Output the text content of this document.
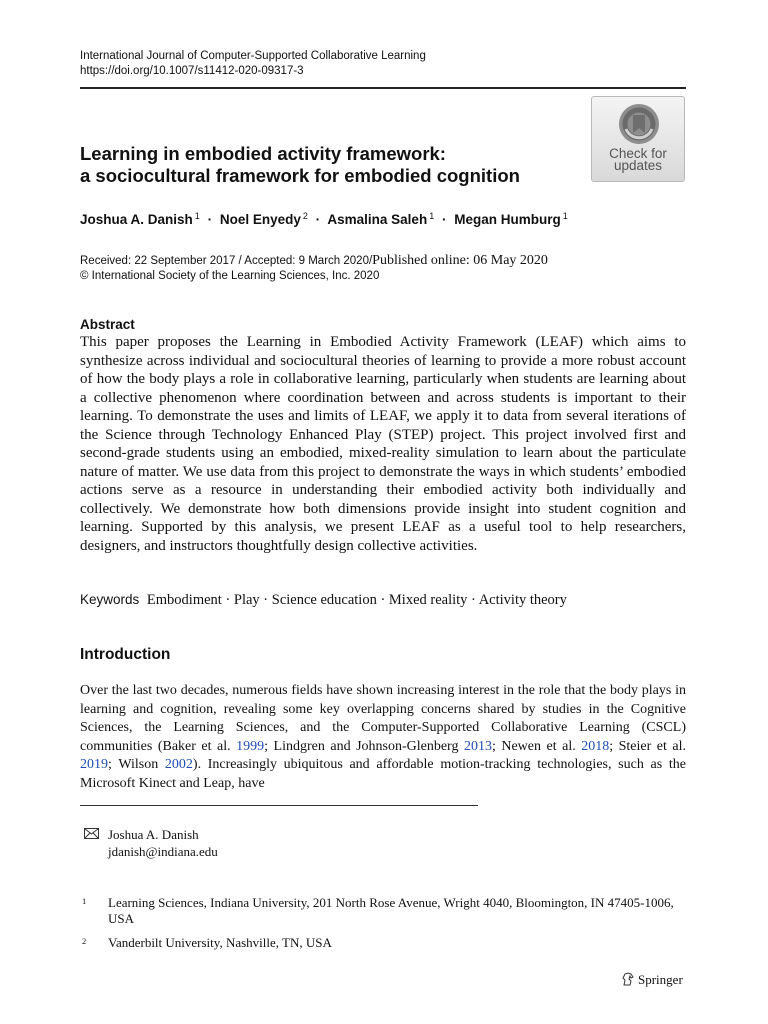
International Journal of Computer-Supported Collaborative Learning
https://doi.org/10.1007/s11412-020-09317-3
Check for
updates
Learning in embodied activity framework:
a sociocultural framework for embodied cognition
Joshua A. Danish $^1$ · Noel Enyedy $^2$ · Asmalina Saleh $^1$ · Megan Humburg $^1$
Received: 22 September 2017 / Accepted: 9 March 2020/Published online: 06 May 2020
© International Society of the Learning Sciences, Inc. 2020
Abstract
This paper proposes the Learning in Embodied Activity Framework (LEAF) which aims to synthesize across individual and sociocultural theories of learning to provide a more robust account of how the body plays a role in collaborative learning, particularly when students are learning about a collective phenomenon where coordination between and across students is important to their learning. To demonstrate the uses and limits of LEAF, we apply it to data from several iterations of the Science through Technology Enhanced Play (STEP) project. This project involved first and second-grade students using an embodied, mixed-reality simulation to learn about the particulate nature of matter. We use data from this project to demonstrate the ways in which students’ embodied actions serve as a resource in understanding their embodied activity both individually and collectively. We demonstrate how both dimensions provide insight into student cognition and learning. Supported by this analysis, we present LEAF as a useful tool to help researchers, designers, and instructors thoughtfully design collective activities.
Keywords Embodiment · Play · Science education · Mixed reality · Activity theory
Introduction
Over the last two decades, numerous fields have shown increasing interest in the role that the body plays in learning and cognition, revealing some key overlapping concerns shared by studies in the Cognitive Sciences, the Learning Sciences, and the Computer-Supported Collaborative Learning (CSCL) communities (Baker et al. 1999; Lindgren and Johnson-Glenberg 2013; Newen et al. 2018; Steier et al. 2019; Wilson 2002). Increasingly ubiquitous and affordable motion-tracking technologies, such as the Microsoft Kinect and Leap, have
Joshua A. Danish
jdanish@indiana.edu
1 Learning Sciences, Indiana University, 201 North Rose Avenue, Wright 4040, Bloomington, IN 47405-1006, USA
2 Vanderbilt University, Nashville, TN, USA
Springer
